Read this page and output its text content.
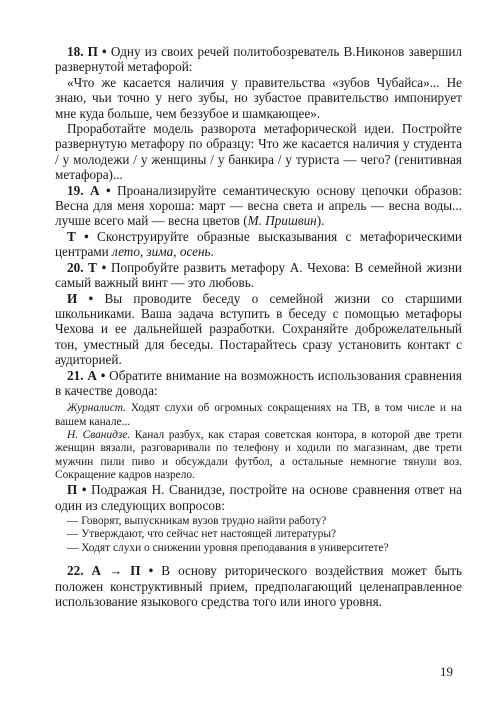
18. П • Одну из своих речей политобозреватель В.Никонов завершил развернутой метафорой:

«Что же касается наличия у правительства «зубов Чубайса»... Не знаю, чьи точно у него зубы, но зубастое правительство импонирует мне куда больше, чем беззубое и шамкающее».

Проработайте модель разворота метафорической идеи. Постройте развернутую метафору по образцу: Что же касается наличия у студента / у молодежи / у женщины / у банкира / у туриста — чего? (генитивная метафора)...

19. А • Проанализируйте семантическую основу цепочки образов: Весна для меня хороша: март — весна света и апрель — весна воды... лучше всего май — весна цветов (М. Пришвин).

Т • Сконструируйте образные высказывания с метафорическими центрами лето, зима, осень.

20. Т • Попробуйте развить метафору А. Чехова: В семейной жизни самый важный винт — это любовь.

И • Вы проводите беседу о семейной жизни со старшими школьниками. Ваша задача вступить в беседу с помощью метафоры Чехова и ее дальнейшей разработки. Сохраняйте доброжелательный тон, уместный для беседы. Постарайтесь сразу установить контакт с аудиторией.

21. А • Обратите внимание на возможность использования сравнения в качестве довода:

Журналист. Ходят слухи об огромных сокращениях на ТВ, в том числе и на вашем канале...

Н. Сванидзе. Канал разбух, как старая советская контора, в которой две трети женщин вязали, разговаривали по телефону и ходили по магазинам, две трети мужчин пили пиво и обсуждали футбол, а остальные немногие тянули воз. Сокращение кадров назрело.

П • Подражая Н. Сванидзе, постройте на основе сравнения ответ на один из следующих вопросов:

— Говорят, выпускникам вузов трудно найти работу?
— Утверждают, что сейчас нет настоящей литературы?
— Ходят слухи о снижении уровня преподавания в университете?

22. А → П • В основу риторического воздействия может быть положен конструктивный прием, предполагающий целенаправленное использование языкового средства того или иного уровня.

19
